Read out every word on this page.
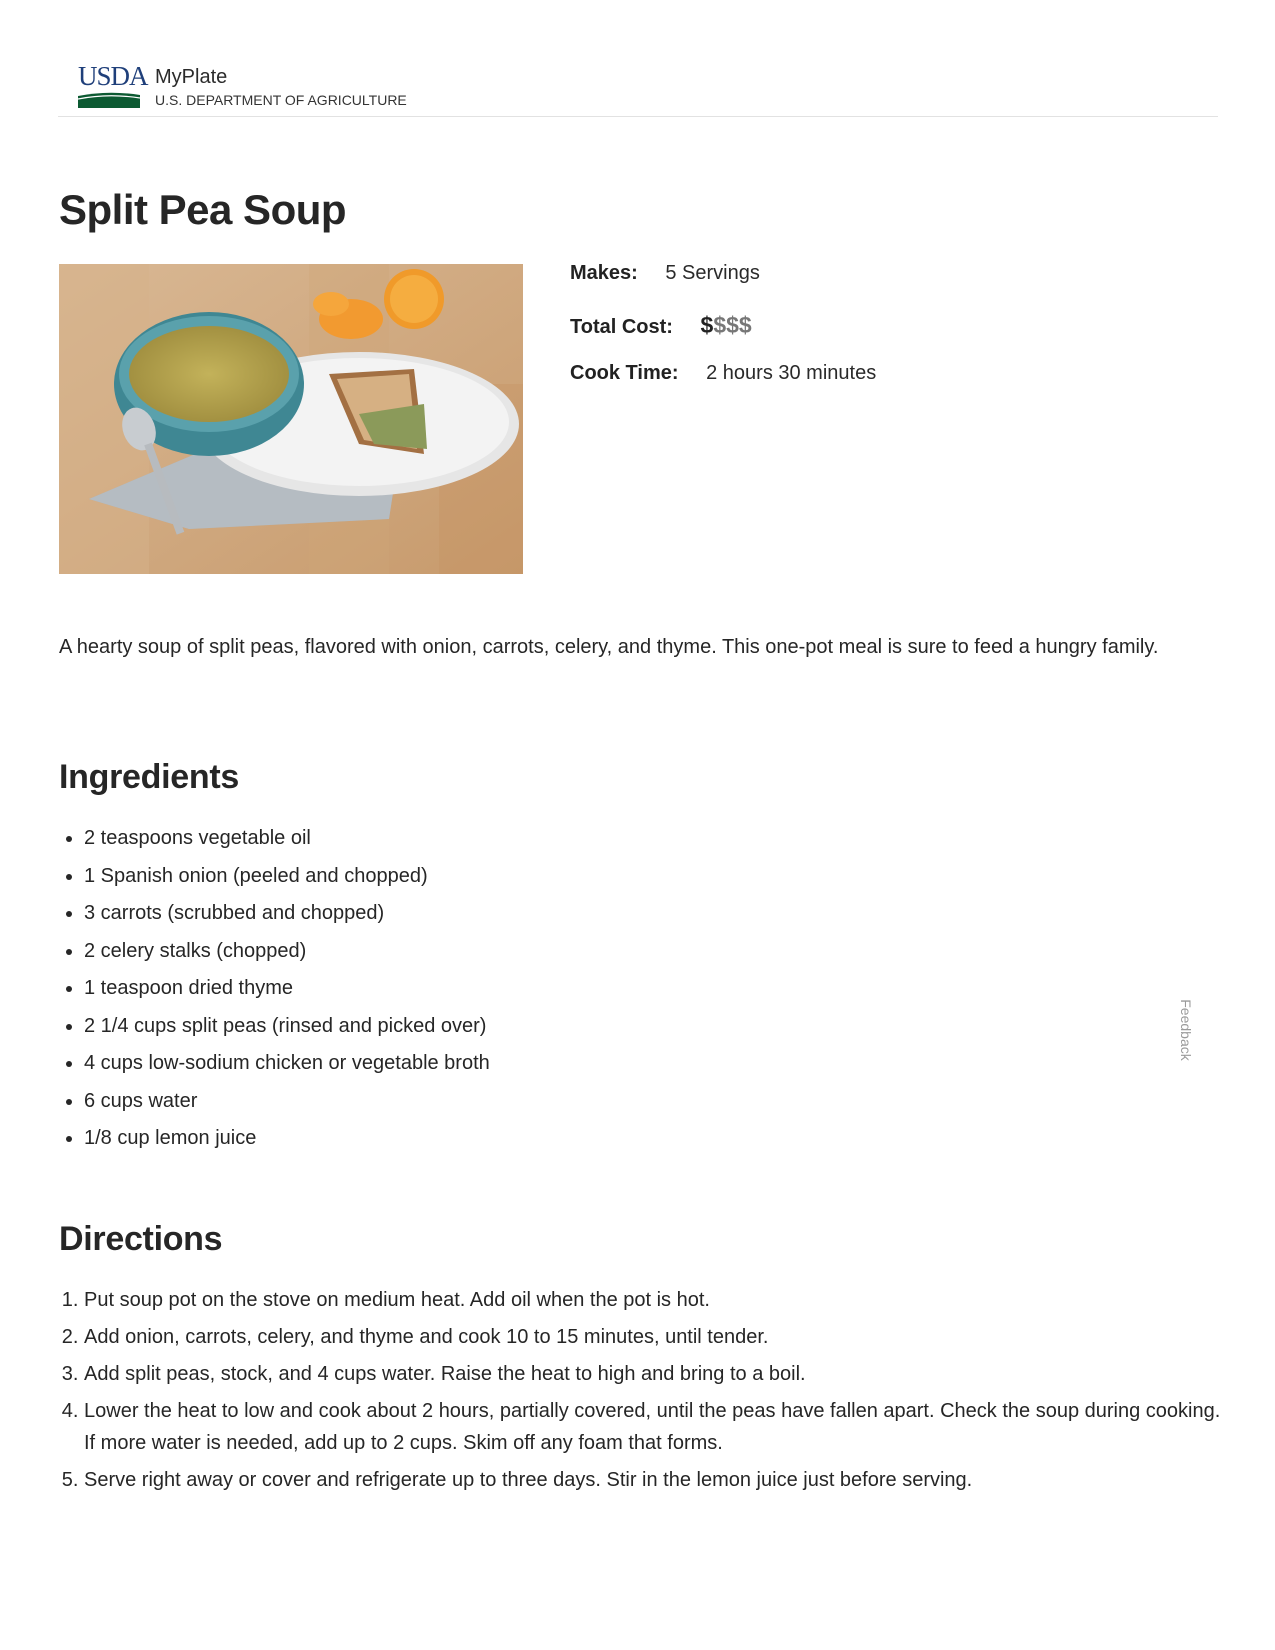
USDA MyPlate
U.S. DEPARTMENT OF AGRICULTURE
Split Pea Soup
Makes: 5 Servings
Total Cost: $$$$
Cook Time: 2 hours 30 minutes

A hearty soup of split peas, flavored with onion, carrots, celery, and thyme. This one-pot meal is sure to feed a hungry family.

Ingredients
• 2 teaspoons vegetable oil
• 1 Spanish onion (peeled and chopped)
• 3 carrots (scrubbed and chopped)
• 2 celery stalks (chopped)
• 1 teaspoon dried thyme
• 2 1/4 cups split peas (rinsed and picked over)
• 4 cups low-sodium chicken or vegetable broth
• 6 cups water
• 1/8 cup lemon juice
Directions
1. Put soup pot on the stove on medium heat. Add oil when the pot is hot.
2. Add onion, carrots, celery, and thyme and cook 10 to 15 minutes, until tender.
3. Add split peas, stock, and 4 cups water. Raise the heat to high and bring to a boil.
4. Lower the heat to low and cook about 2 hours, partially covered, until the peas have fallen apart. Check the soup during cooking. If more water is needed, add up to 2 cups. Skim off any foam that forms.
5. Serve right away or cover and refrigerate up to three days. Stir in the lemon juice just before serving.
Feedback
